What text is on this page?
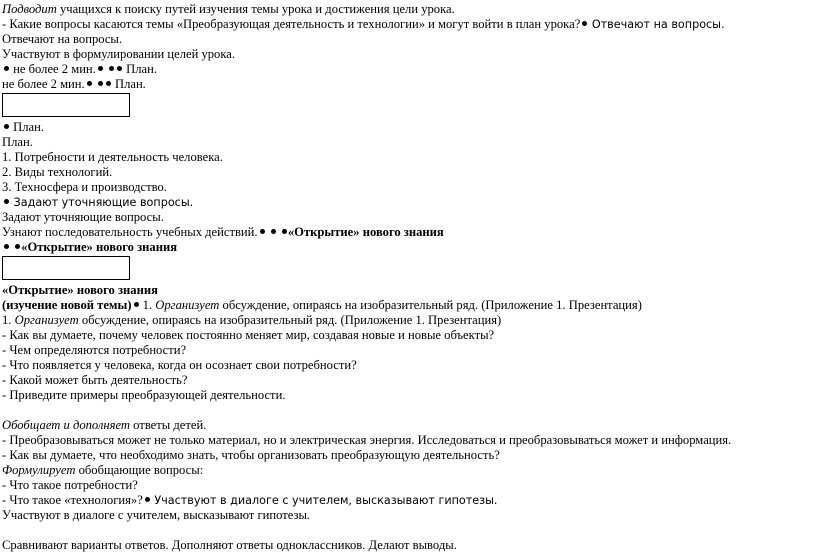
Подводит учащихся к поиску путей изучения темы урока и достижения цели урока.
- Какие вопросы касаются темы «Преобразующая деятельность и технологии» и могут войти в план урока? Отвечают на вопросы.
Отвечают на вопросы.
Участвуют в формулировании целей урока.
не более 2 мин. План.
не более 2 мин.  План.
План.
План.
1. Потребности и деятельность человека.
2. Виды технологий.
3. Техносфера и производство.
Задают уточняющие вопросы.
Задают уточняющие вопросы.
Узнают последовательность учебных действий. «Открытие» нового знания
«Открытие» нового знания
«Открытие» нового знания
(изучение новой темы) 1. Организует обсуждение, опираясь на изобразительный ряд. (Приложение 1. Презентация)
1. Организует обсуждение, опираясь на изобразительный ряд. (Приложение 1. Презентация)
- Как вы думаете, почему человек постоянно меняет мир, создавая новые и новые объекты?
- Чем определяются потребности?
- Что появляется у человека, когда он осознает свои потребности?
- Какой может быть деятельность?
- Приведите примеры преобразующей деятельности.
Обобщает и дополняет ответы детей.
- Преобразовываться может не только материал, но и электрическая энергия. Исследоваться и преобразовываться может и информация.
- Как вы думаете, что необходимо знать, чтобы организовать преобразующую деятельность?
Формулирует обобщающие вопросы:
- Что такое потребности?
- Что такое «технология»? Участвуют в диалоге с учителем, высказывают гипотезы.
Участвуют в диалоге с учителем, высказывают гипотезы.
Сравнивают варианты ответов. Дополняют ответы одноклассников. Делают выводы.
